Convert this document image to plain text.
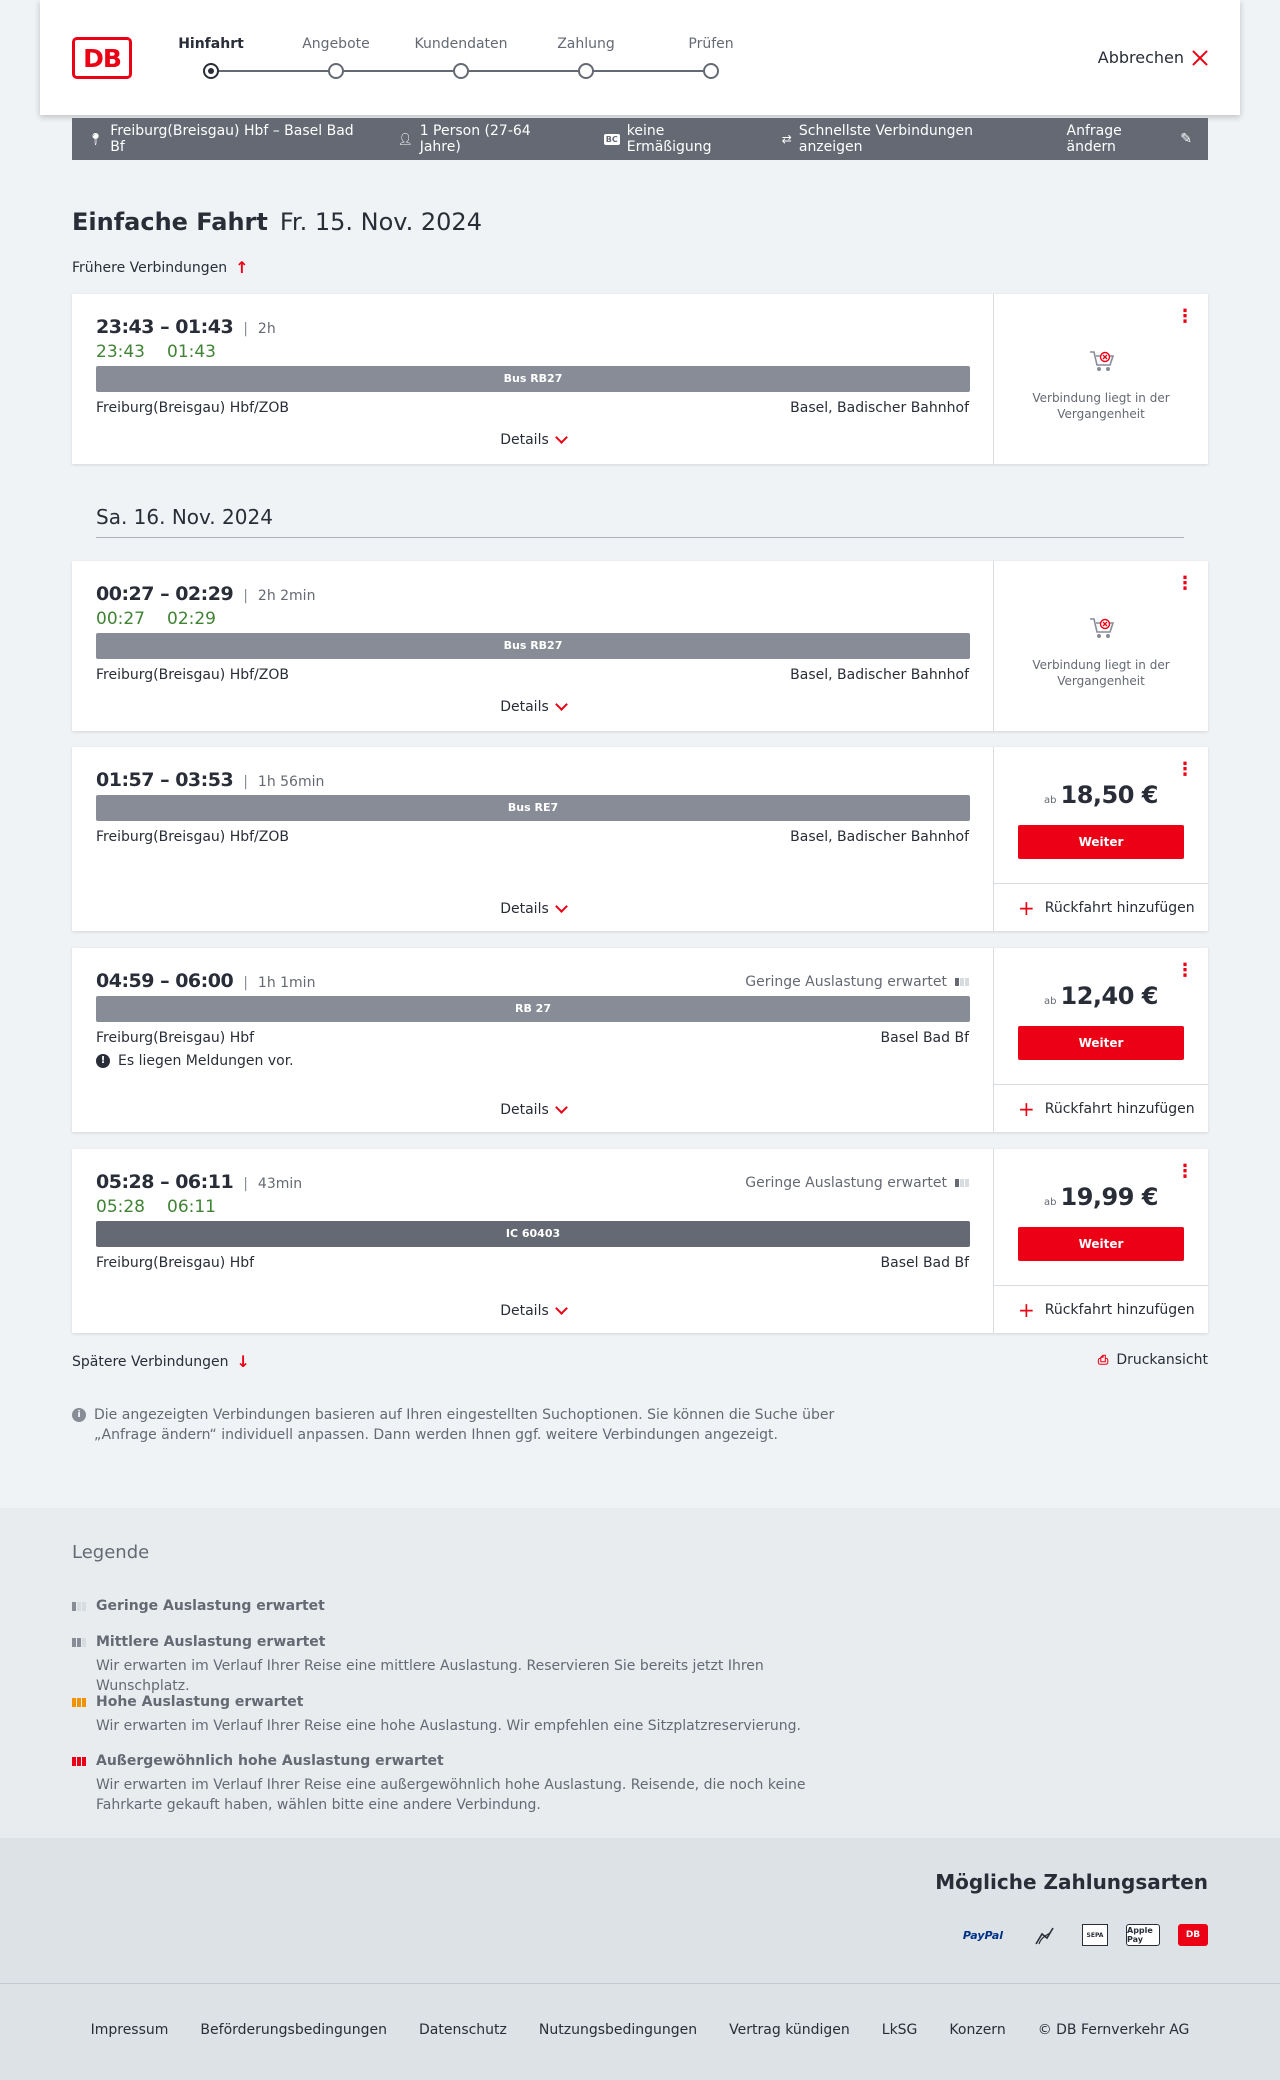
DB	Hinfahrt	Angebote	Kundendaten	Zahlung	Prüfen
Abbrechen
📍︎ Freiburg(Breisgau) Hbf – Basel Bad Bf	👤︎ 1 Person (27-64 Jahre)	BC keine Ermäßigung	⇄ Schnellste Verbindungen anzeigen
Anfrage ändern	✎
Einfache Fahrt Fr. 15. Nov. 2024
Frühere Verbindungen ↑
23:43 – 01:43 | 2h
23:43 01:43
Bus RB27
Freiburg(Breisgau) Hbf/ZOB	Basel, Badischer Bahnhof
Details
⋮
Verbindung liegt in der Vergangenheit
Sa. 16. Nov. 2024
00:27 – 02:29 | 2h 2min
00:27 02:29
Bus RB27
Freiburg(Breisgau) Hbf/ZOB	Basel, Badischer Bahnhof
Details
⋮
Verbindung liegt in der Vergangenheit
01:57 – 03:53 | 1h 56min
Bus RE7
Freiburg(Breisgau) Hbf/ZOB	Basel, Badischer Bahnhof
Details
⋮
ab 18,50 €
Weiter
+ Rückfahrt hinzufügen
04:59 – 06:00 | 1h 1min	Geringe Auslastung erwartet
RB 27
Freiburg(Breisgau) Hbf	Basel Bad Bf
! Es liegen Meldungen vor.
Details
⋮
ab 12,40 €
Weiter
+ Rückfahrt hinzufügen
05:28 – 06:11 | 43min	Geringe Auslastung erwartet
05:28 06:11
IC 60403
Freiburg(Breisgau) Hbf	Basel Bad Bf
Details
⋮
ab 19,99 €
Weiter
+ Rückfahrt hinzufügen
Spätere Verbindungen ↓	⎙ Druckansicht
i Die angezeigten Verbindungen basieren auf Ihren eingestellten Suchoptionen. Sie können die Suche über „Anfrage ändern“ individuell anpassen. Dann werden Ihnen ggf. weitere Verbindungen angezeigt.
Legende
Geringe Auslastung erwartet
Mittlere Auslastung erwartet
Wir erwarten im Verlauf Ihrer Reise eine mittlere Auslastung. Reservieren Sie bereits jetzt Ihren Wunschplatz.
Hohe Auslastung erwartet
Wir erwarten im Verlauf Ihrer Reise eine hohe Auslastung. Wir empfehlen eine Sitzplatzreservierung.
Außergewöhnlich hohe Auslastung erwartet
Wir erwarten im Verlauf Ihrer Reise eine außergewöhnlich hohe Auslastung. Reisende, die noch keine Fahrkarte gekauft haben, wählen bitte eine andere Verbindung.
Mögliche Zahlungsarten
PayPal	SEPA	Apple Pay	DB
Impressum Beförderungsbedingungen Datenschutz Nutzungsbedingungen Vertrag kündigen LkSG Konzern © DB Fernverkehr AG
